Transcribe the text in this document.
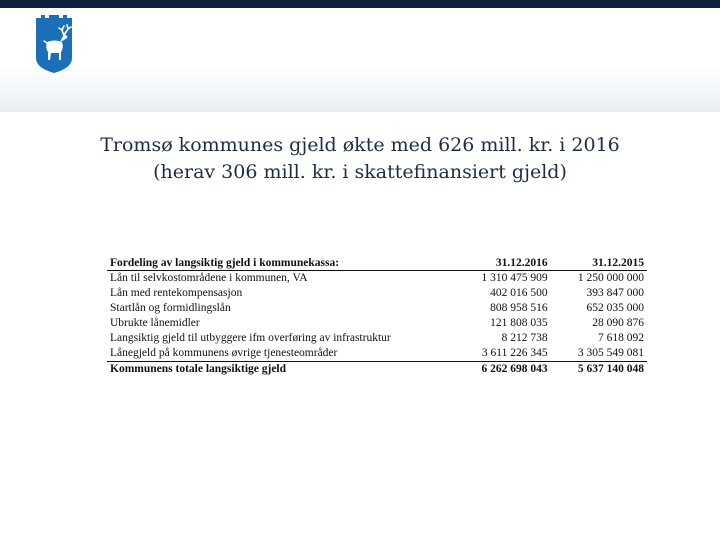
Tromsø kommunes gjeld økte med 626 mill. kr. i 2016
(herav 306 mill. kr. i skattefinansiert gjeld)
Fordeling av langsiktig gjeld i kommunekassa:	31.12.2016	31.12.2015
Lån til selvkostområdene i kommunen, VA	1 310 475 909	1 250 000 000
Lån med rentekompensasjon	402 016 500	393 847 000
Startlån og formidlingslån	808 958 516	652 035 000
Ubrukte lånemidler	121 808 035	28 090 876
Langsiktig gjeld til utbyggere ifm overføring av infrastruktur	8 212 738	7 618 092
Lånegjeld på kommunens øvrige tjenesteområder	3 611 226 345	3 305 549 081
Kommunens totale langsiktige gjeld	6 262 698 043	5 637 140 048
